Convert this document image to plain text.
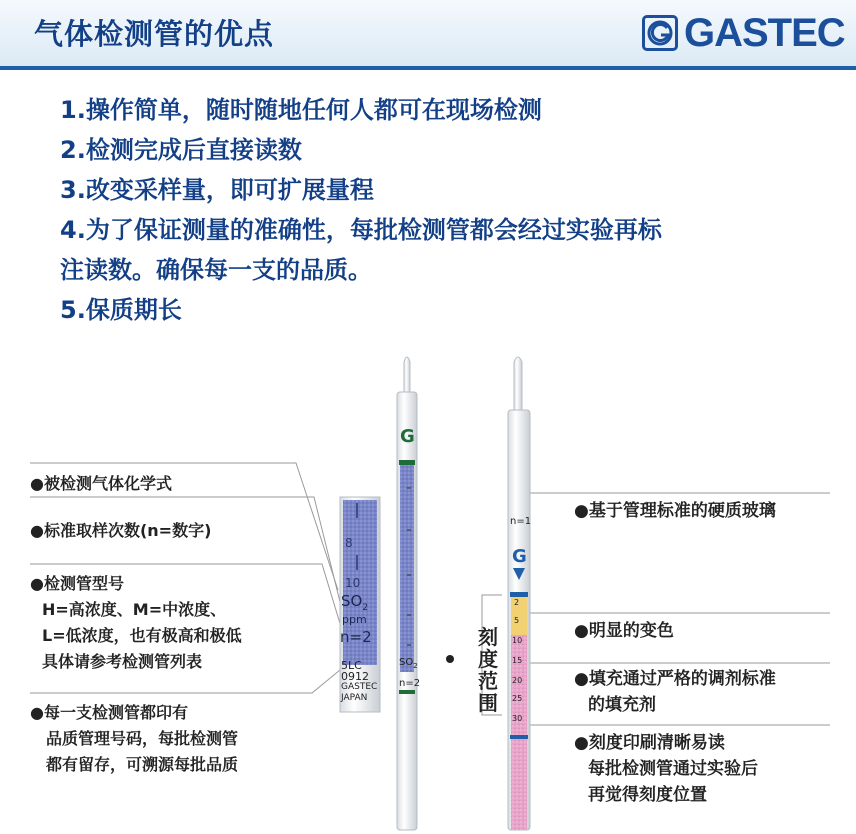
气体检测管的优点	GASTEC
1.操作简单，随时随地任何人都可在现场检测
2.检测完成后直接读数
3.改变采样量，即可扩展量程
4.为了保证测量的准确性，每批检测管都会经过实验再标
注读数。确保每一支的品质。
5.保质期长
8
10
$SO_2$
ppm
n=2
5LC
0912
GASTEC
JAPAN
G
$SO_2$
n=2
n=1
G
2
5
10
15
20
25
30
刻度范围
●被检测气体化学式
●标准取样次数(n=数字)
●检测管型号
H=高浓度、M=中浓度、
L=低浓度，也有极高和极低
具体请参考检测管列表
●每一支检测管都印有
品质管理号码，每批检测管
都有留存，可溯源每批品质
●基于管理标准的硬质玻璃
●明显的变色
●填充通过严格的调剂标准
的填充剂
●刻度印刷清晰易读
每批检测管通过实验后
再觉得刻度位置
